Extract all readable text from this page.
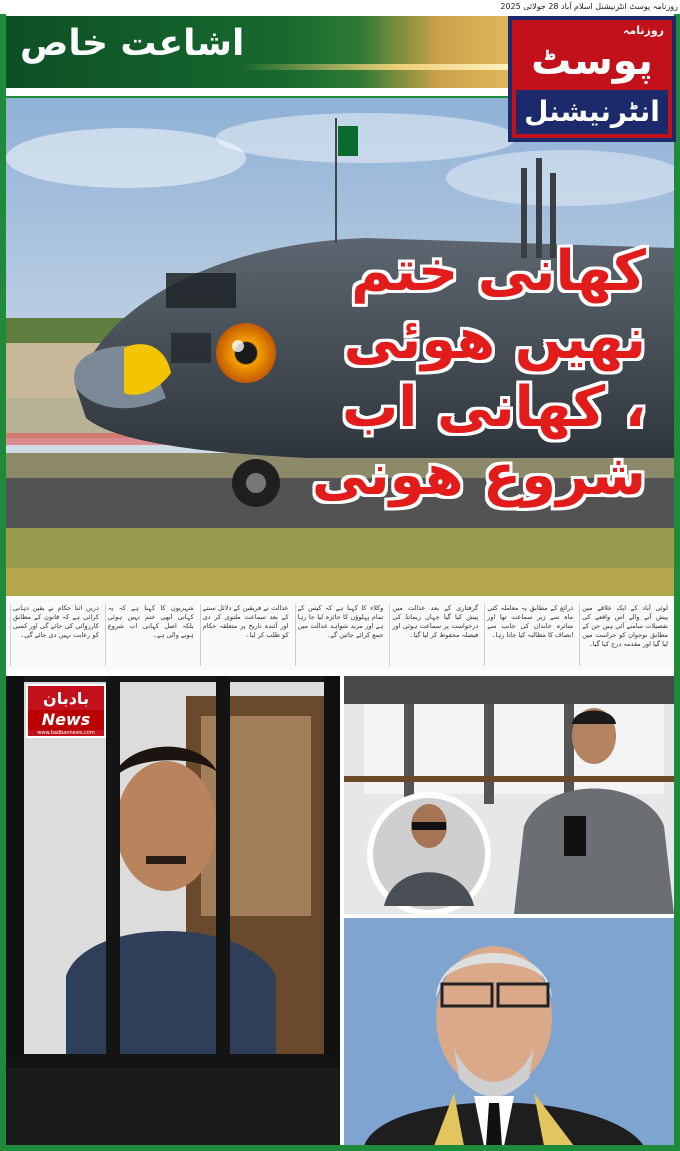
روزنامہ پوسٹ انٹرنیشنل اسلام آباد 28 جولائی 2025
اشاعت خاص	روزنامہ
پوسٹ
انٹرنیشنل
کھانی ختم
نھیں ھوئی
، کھانی اب
شروع ھونی
لوئی آباد کے ایک علاقے میں پیش آنے والے اس واقعے کی تفصیلات سامنے آئی ہیں جن کے مطابق نوجوان کو حراست میں لیا گیا اور مقدمہ درج کیا گیا۔
ذرائع کے مطابق یہ معاملہ کئی ماہ سے زیر سماعت تھا اور متاثرہ خاندان کی جانب سے انصاف کا مطالبہ کیا جاتا رہا۔
گرفتاری کے بعد عدالت میں پیش کیا گیا جہاں ریمانڈ کی درخواست پر سماعت ہوئی اور فیصلہ محفوظ کر لیا گیا۔
وکلاء کا کہنا ہے کہ کیس کے تمام پہلوؤں کا جائزہ لیا جا رہا ہے اور مزید شواہد عدالت میں جمع کرائے جائیں گے۔
عدالت نے فریقین کے دلائل سننے کے بعد سماعت ملتوی کر دی اور آئندہ تاریخ پر متعلقہ حکام کو طلب کر لیا۔
شہریوں کا کہنا ہے کہ یہ کہانی ابھی ختم نہیں ہوئی بلکہ اصل کہانی اب شروع ہونے والی ہے۔
دریں اثنا حکام نے یقین دہانی کرائی ہے کہ قانون کے مطابق کارروائی کی جائے گی اور کسی کو رعایت نہیں دی جائے گی۔
بادبان
News
www.badbannews.com
